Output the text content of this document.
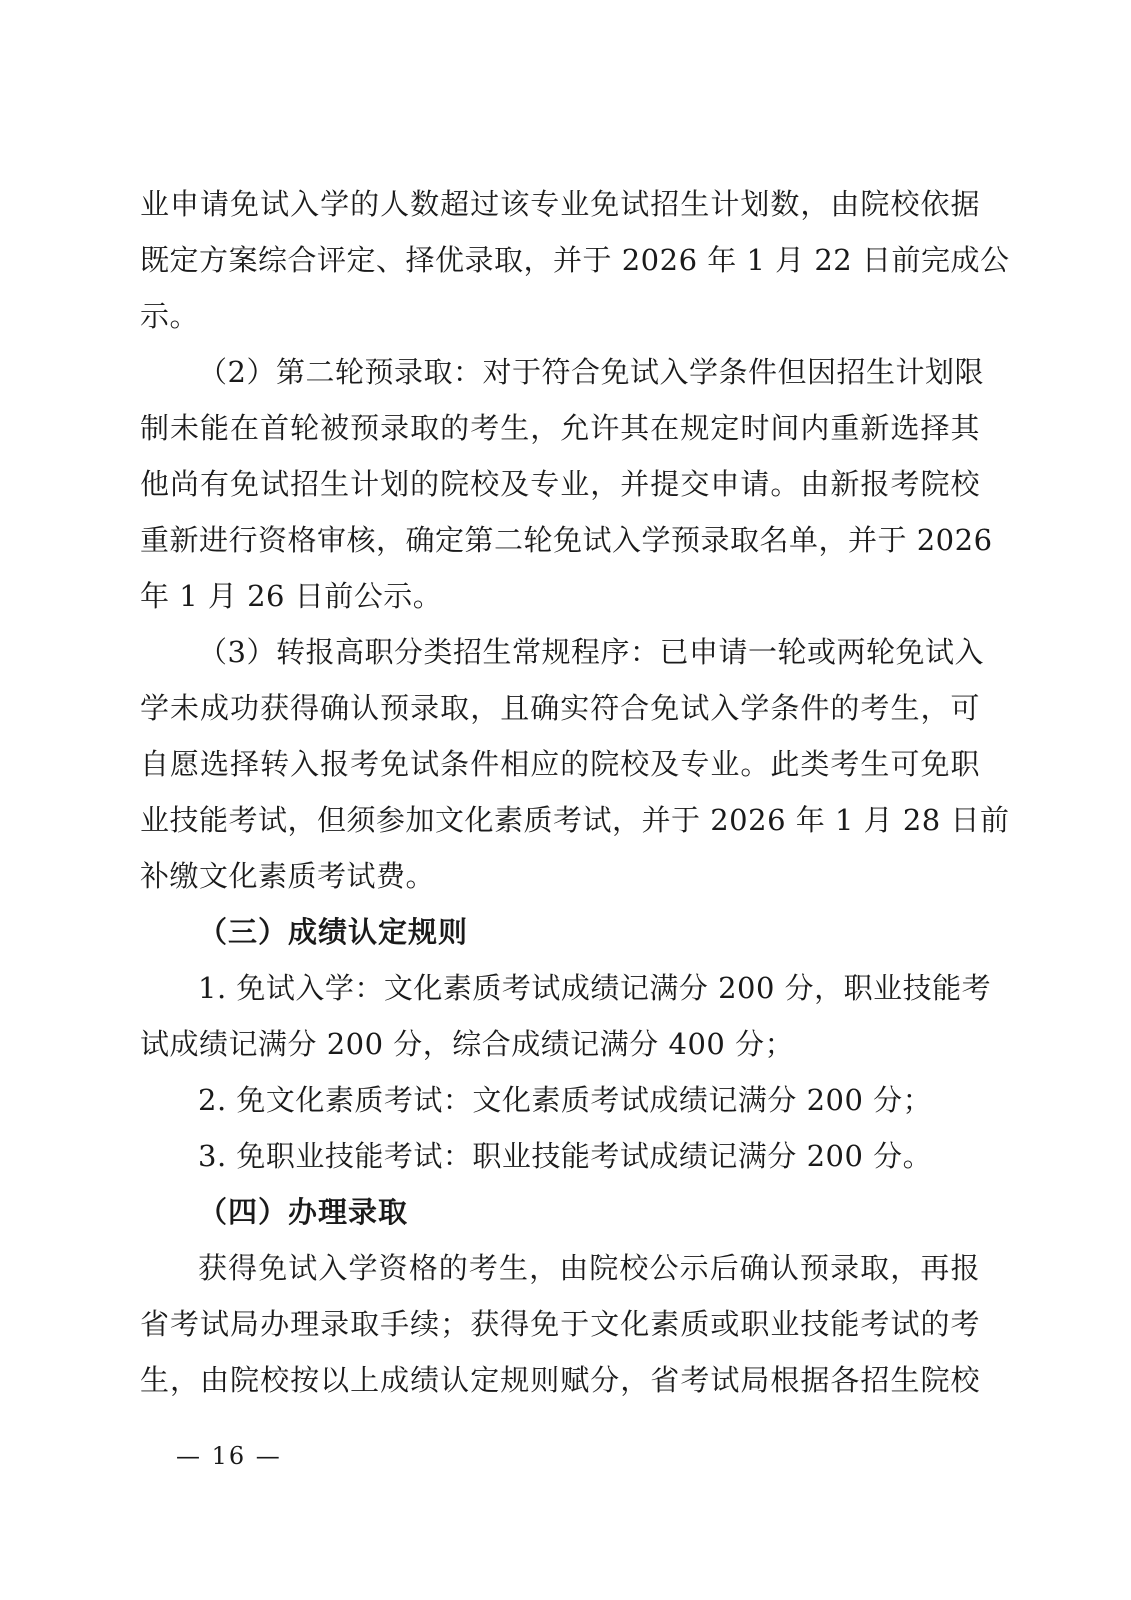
业申请免试入学的人数超过该专业免试招生计划数，由院校依据
既定方案综合评定、择优录取，并于 2026 年 1 月 22 日前完成公
示。
（2）第二轮预录取：对于符合免试入学条件但因招生计划限
制未能在首轮被预录取的考生，允许其在规定时间内重新选择其
他尚有免试招生计划的院校及专业，并提交申请。由新报考院校
重新进行资格审核，确定第二轮免试入学预录取名单，并于 2026
年 1 月 26 日前公示。
（3）转报高职分类招生常规程序：已申请一轮或两轮免试入
学未成功获得确认预录取，且确实符合免试入学条件的考生，可
自愿选择转入报考免试条件相应的院校及专业。此类考生可免职
业技能考试，但须参加文化素质考试，并于 2026 年 1 月 28 日前
补缴文化素质考试费。
（三）成绩认定规则
1. 免试入学：文化素质考试成绩记满分 200 分，职业技能考
试成绩记满分 200 分，综合成绩记满分 400 分；
2. 免文化素质考试：文化素质考试成绩记满分 200 分；
3. 免职业技能考试：职业技能考试成绩记满分 200 分。
（四）办理录取
获得免试入学资格的考生，由院校公示后确认预录取，再报
省考试局办理录取手续；获得免于文化素质或职业技能考试的考
生，由院校按以上成绩认定规则赋分，省考试局根据各招生院校
— 16 —
